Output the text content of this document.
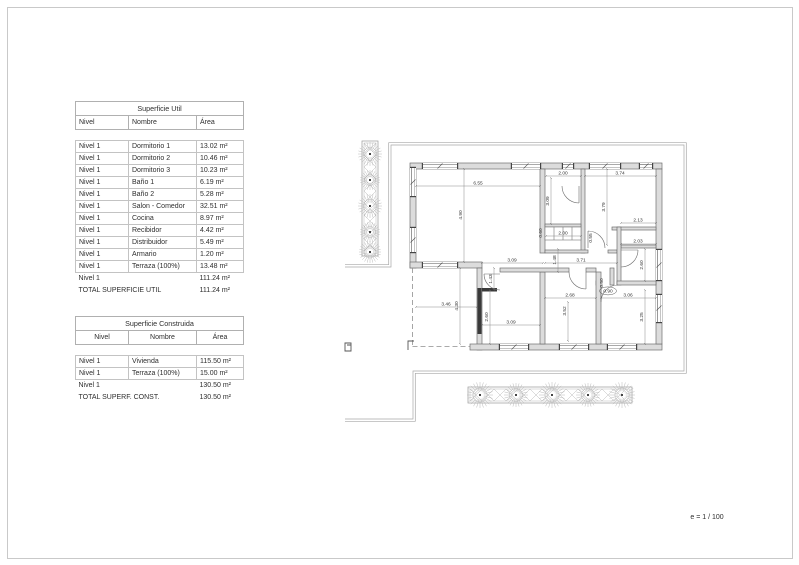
Superficie Util		
Nivel	Nombre	Área

Nivel 1	Dormitorio 1	13.02 m²
Nivel 1	Dormitorio 2	10.46 m²
Nivel 1	Dormitorio 3	10.23 m²
Nivel 1	Baño 1	6.19 m²
Nivel 1	Baño 2	5.28 m²
Nivel 1	Salon - Comedor	32.51 m²
Nivel 1	Cocina	8.97 m²
Nivel 1	Recibidor	4.42 m²
Nivel 1	Distribuidor	5.49 m²
Nivel 1	Armario	1.20 m²
Nivel 1	Terraza (100%)	13.48 m²
Nivel 1		111.24 m²
TOTAL SUPERFICIE UTIL		111.24 m²
Superficie Construida		
Nivel	Nombre	Área

Nivel 1	Vivienda	115.50 m²
Nivel 1	Terraza (100%)	15.00 m²
Nivel 1		130.50 m²
TOTAL SUPERF. CONST.		130.50 m²
6.55
4.90
2.00	3.74
3.09
3.79
2.13
2.00
0.60
0.55	2.03
2.60
1.48	3.71
3.09
1.43
3.46 4.30
2.60
3.09
2.68
3.52
0.50
0.90
3.06
3.25
e = 1 / 100
